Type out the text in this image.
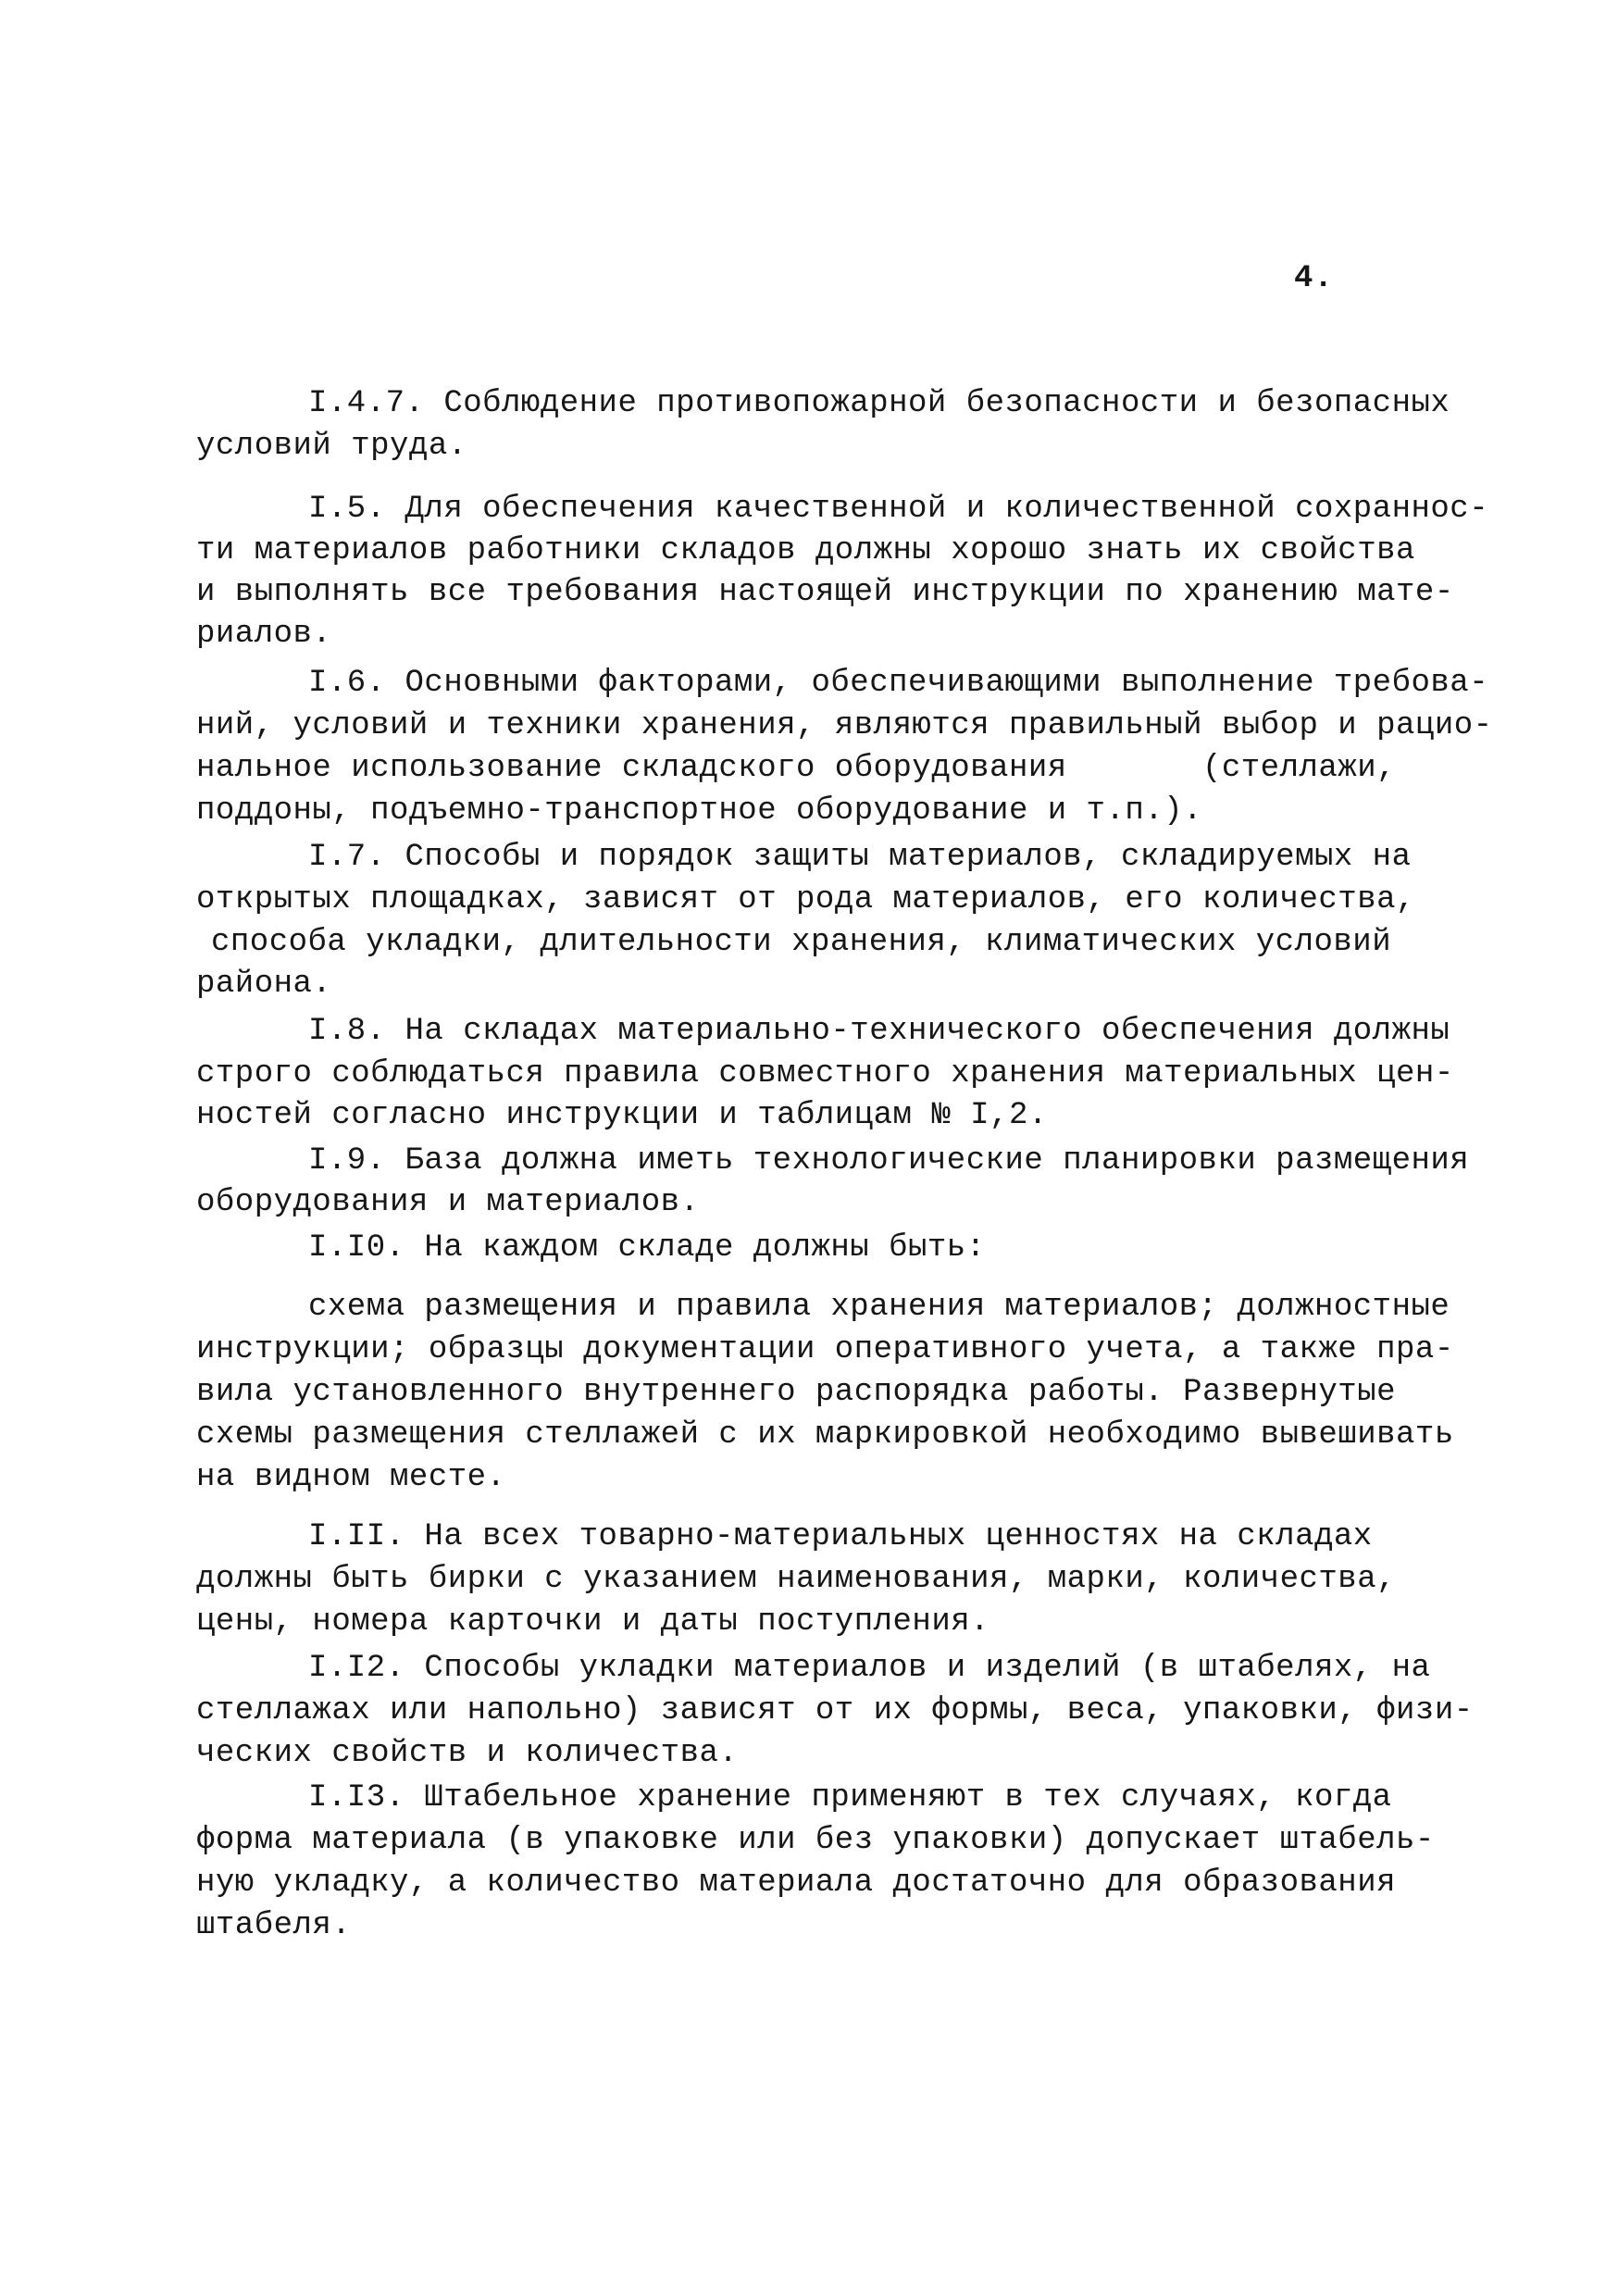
4.
I.4.7. Соблюдение противопожарной безопасности и безопасных
условий труда.
I.5. Для обеспечения качественной и количественной сохраннос-
ти материалов работники складов должны хорошо знать их свойства
и выполнять все требования настоящей инструкции по хранению мате-
риалов.
I.6. Основными факторами, обеспечивающими выполнение требова-
ний, условий и техники хранения, являются правильный выбор и рацио-
нальное использование складского оборудования       (стеллажи,
поддоны, подъемно-транспортное оборудование и т.п.).
I.7. Способы и порядок защиты материалов, складируемых на
открытых площадках, зависят от рода материалов, его количества,
способа укладки, длительности хранения, климатических условий
района.
I.8. На складах материально-технического обеспечения должны
строго соблюдаться правила совместного хранения материальных цен-
ностей согласно инструкции и таблицам № I,2.
I.9. База должна иметь технологические планировки размещения
оборудования и материалов.
I.I0. На каждом складе должны быть:
схема размещения и правила хранения материалов; должностные
инструкции; образцы документации оперативного учета, а также пра-
вила установленного внутреннего распорядка работы. Развернутые
схемы размещения стеллажей с их маркировкой необходимо вывешивать
на видном месте.
I.II. На всех товарно-материальных ценностях на складах
должны быть бирки с указанием наименования, марки, количества,
цены, номера карточки и даты поступления.
I.I2. Способы укладки материалов и изделий (в штабелях, на
стеллажах или напольно) зависят от их формы, веса, упаковки, физи-
ческих свойств и количества.
I.I3. Штабельное хранение применяют в тех случаях, когда
форма материала (в упаковке или без упаковки) допускает штабель-
ную укладку, а количество материала достаточно для образования
штабеля.
